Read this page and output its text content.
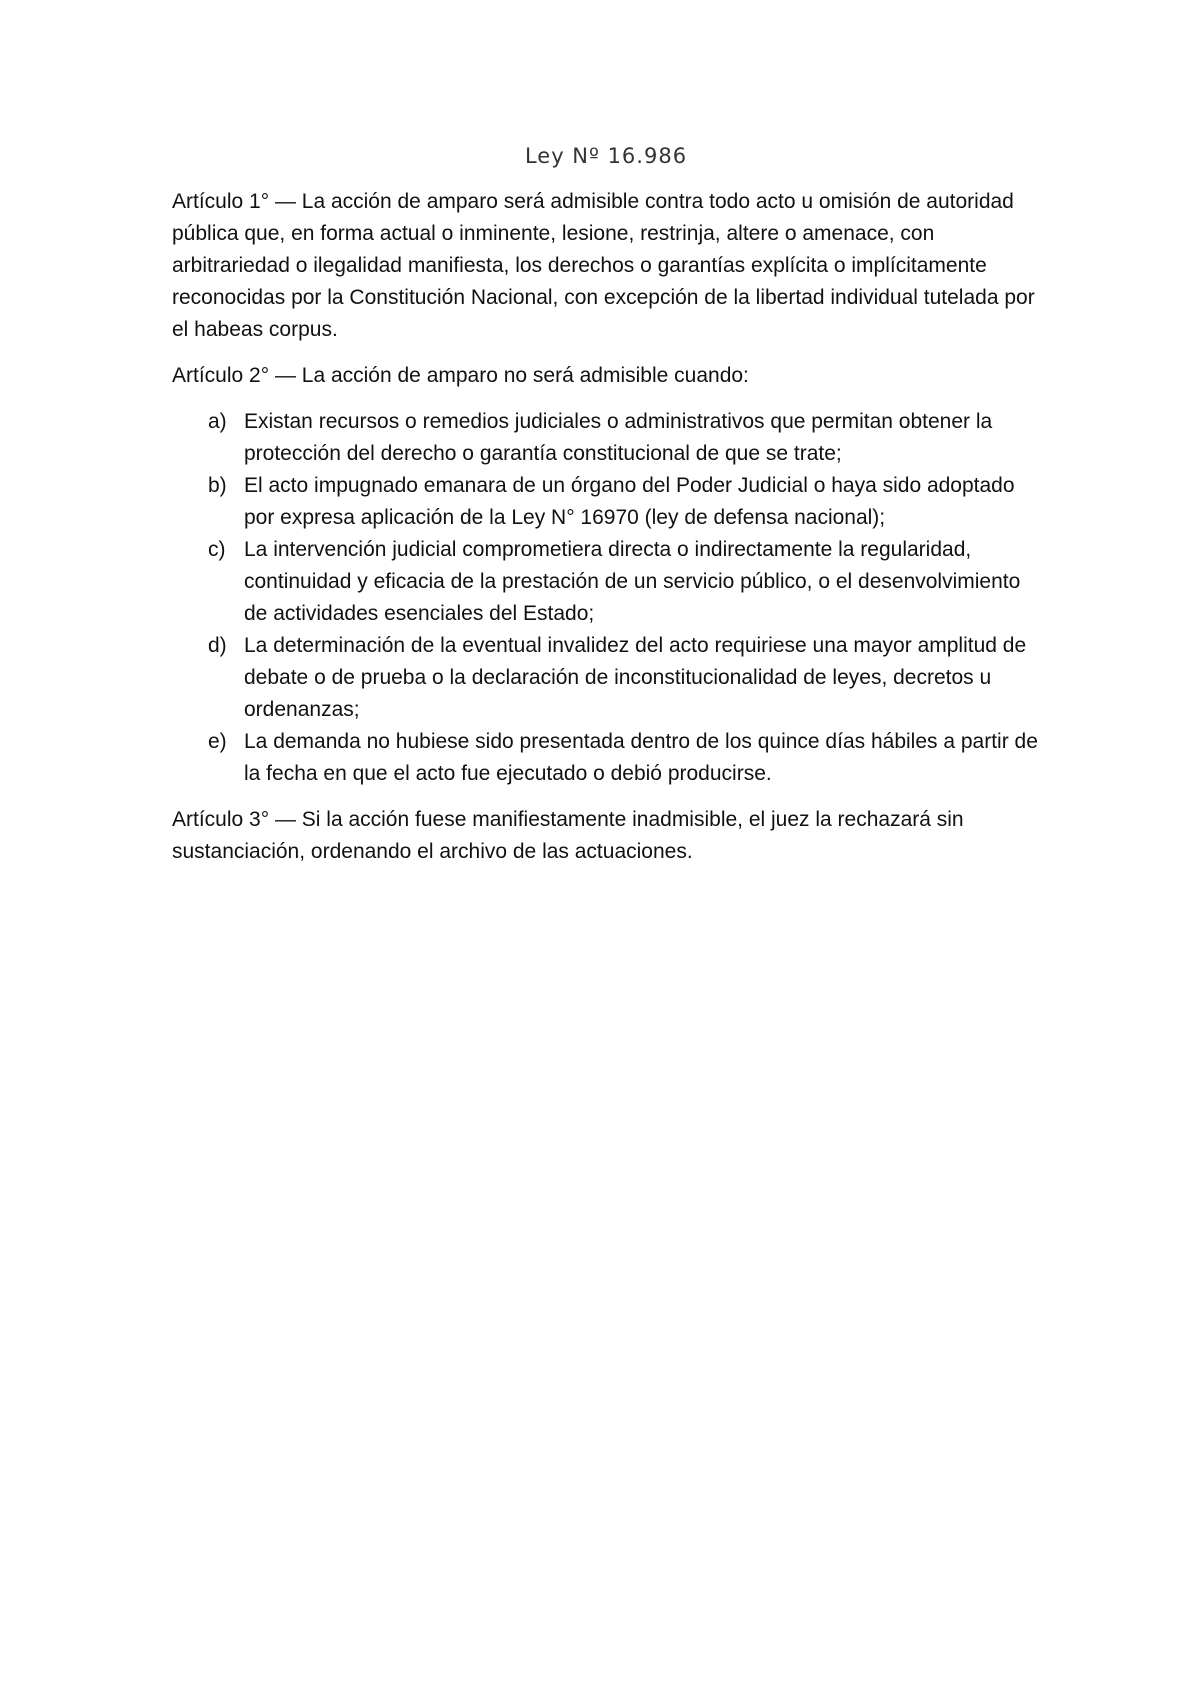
Ley Nº 16.986

Artículo 1° — La acción de amparo será admisible contra todo acto u omisión de autoridad pública que, en forma actual o inminente, lesione, restrinja, altere o amenace, con arbitrariedad o ilegalidad manifiesta, los derechos o garantías explícita o implícitamente reconocidas por la Constitución Nacional, con excepción de la libertad individual tutelada por el habeas corpus.

Artículo 2° — La acción de amparo no será admisible cuando:

a) Existan recursos o remedios judiciales o administrativos que permitan obtener la protección del derecho o garantía constitucional de que se trate;
b) El acto impugnado emanara de un órgano del Poder Judicial o haya sido adoptado por expresa aplicación de la Ley N° 16970 (ley de defensa nacional);
c) La intervención judicial comprometiera directa o indirectamente la regularidad, continuidad y eficacia de la prestación de un servicio público, o el desenvolvimiento de actividades esenciales del Estado;
d) La determinación de la eventual invalidez del acto requiriese una mayor amplitud de debate o de prueba o la declaración de inconstitucionalidad de leyes, decretos u ordenanzas;
e) La demanda no hubiese sido presentada dentro de los quince días hábiles a partir de la fecha en que el acto fue ejecutado o debió producirse.

Artículo 3° — Si la acción fuese manifiestamente inadmisible, el juez la rechazará sin sustanciación, ordenando el archivo de las actuaciones.
